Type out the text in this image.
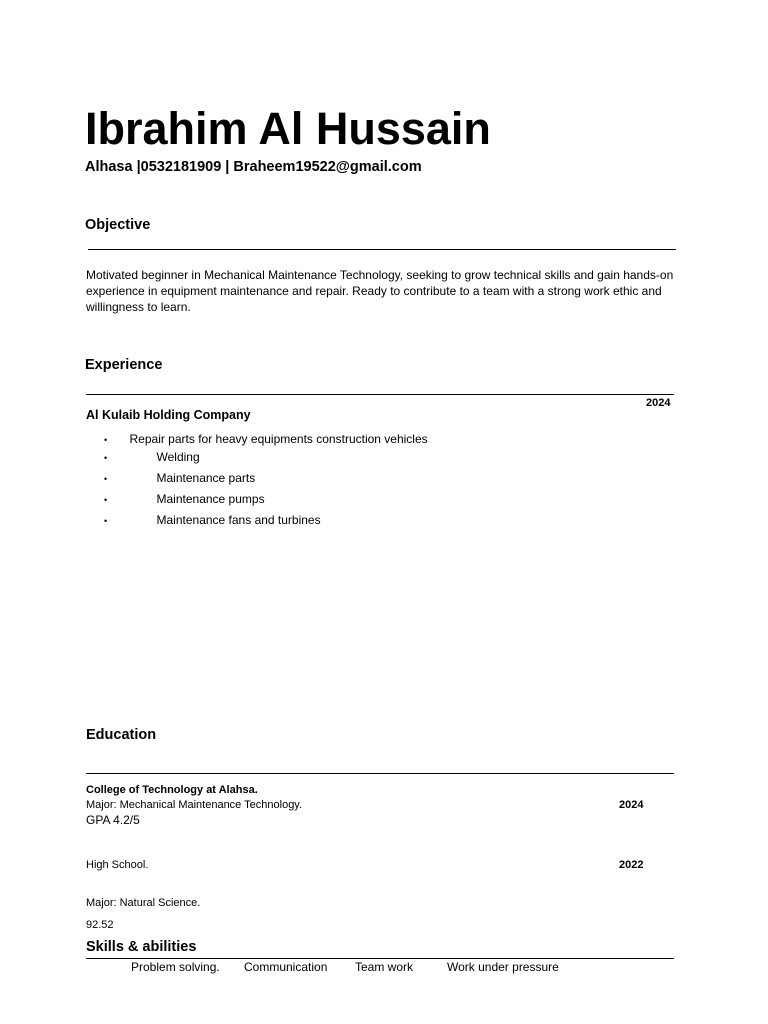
Ibrahim Al Hussain
Alhasa |0532181909 | Braheem19522@gmail.com
Objective
Motivated beginner in Mechanical Maintenance Technology, seeking to grow technical skills and gain hands-on experience in equipment maintenance and repair. Ready to contribute to a team with a strong work ethic and willingness to learn.
Experience
2024
Al Kulaib Holding Company
• Repair parts for heavy equipments construction vehicles
•	Welding
•	Maintenance parts
•	Maintenance pumps
•	Maintenance fans and turbines
Education
College of Technology at Alahsa.
Major: Mechanical Maintenance Technology.	2024
GPA 4.2/5
High School.	2022
Major: Natural Science.
92.52
Skills & abilities
Problem solving. Communication Team work	Work under pressure
